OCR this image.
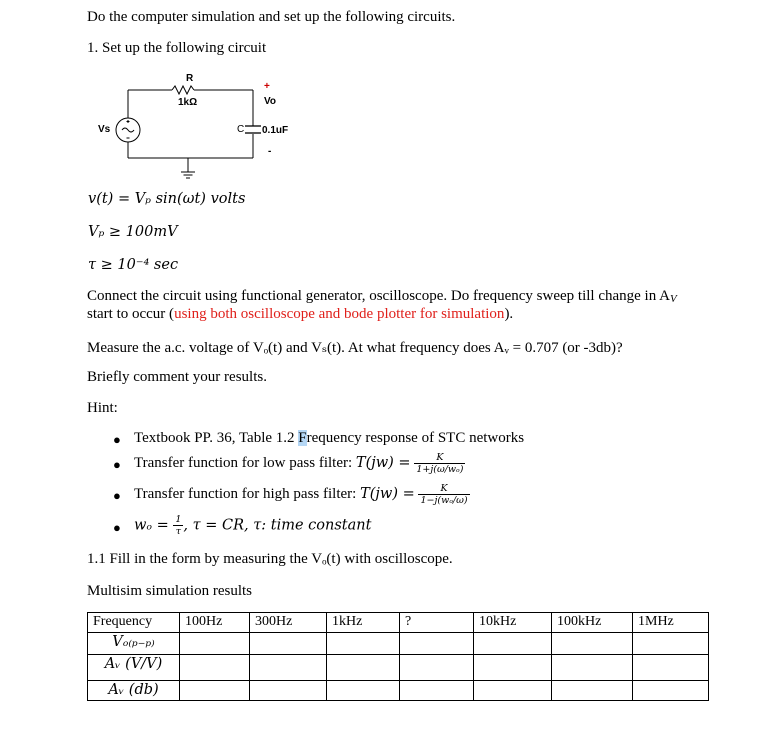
Do the computer simulation and set up the following circuits.
1. Set up the following circuit
R
1kΩ
+
Vo
Vs	C 0.1uF
-
v(t) = Vₚ sin(ωt) volts
Vₚ ≥ 100mV
τ ≥ 10⁻⁴ sec
Connect the circuit using functional generator, oscilloscope. Do frequency sweep till change in AV
start to occur (using both oscilloscope and bode plotter for simulation).
Measure the a.c. voltage of Vₒ(t) and Vₛ(t). At what frequency does Aᵥ = 0.707 (or -3db)?
Briefly comment your results.
Hint:
● Textbook PP. 36, Table 1.2 Frequency response of STC networks
● Transfer function for low pass filter: $T(jw) = \frac{K}{\text{1+j(ω/wₒ)}}$
● Transfer function for high pass filter: $T(jw) = \frac{K}{\text{1−j(wₒ/ω)}}$
● $w_o = \frac{1}{\tau}$ , τ = CR, τ: time constant
1.1 Fill in the form by measuring the Vₒ(t) with oscilloscope.
Multisim simulation results
Frequency	100Hz	300Hz	1kHz	?	10kHz	100kHz	1MHz
Vₒ₍ₚ₋ₚ₎							
Aᵥ (V/V)							
Aᵥ (db)							
